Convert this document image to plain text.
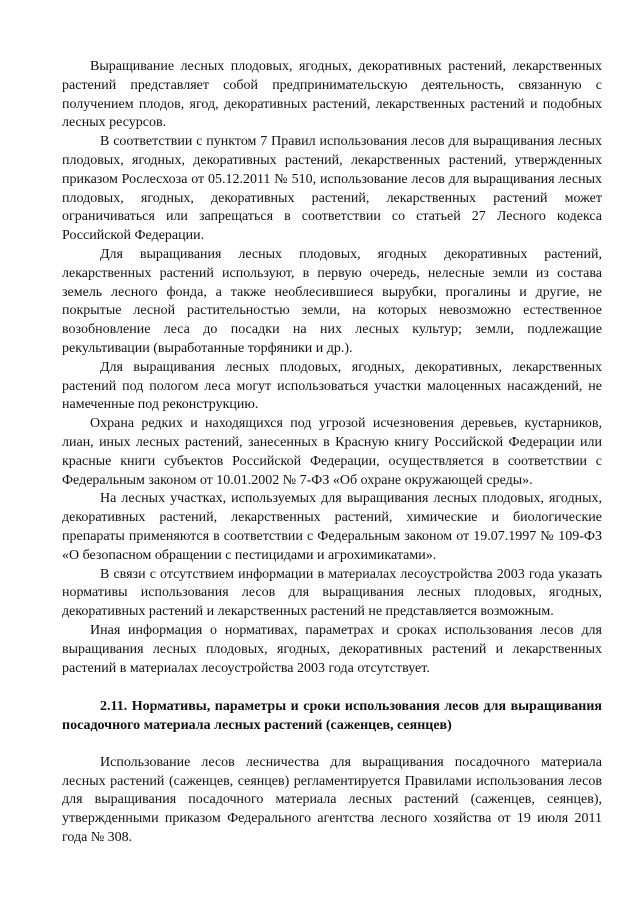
Выращивание лесных плодовых, ягодных, декоративных растений, лекарственных растений представляет собой предпринимательскую деятельность, связанную с получением плодов, ягод, декоративных растений, лекарственных растений и подобных лесных ресурсов.

В соответствии с пунктом 7 Правил использования лесов для выращивания лесных плодовых, ягодных, декоративных растений, лекарственных растений, утвержденных приказом Рослесхоза от 05.12.2011 № 510, использование лесов для выращивания лесных плодовых, ягодных, декоративных растений, лекарственных растений может ограничиваться или запрещаться в соответствии со статьей 27 Лесного кодекса Российской Федерации.

Для выращивания лесных плодовых, ягодных декоративных растений, лекарственных растений используют, в первую очередь, нелесные земли из состава земель лесного фонда, а также необлесившиеся вырубки, прогалины и другие, не покрытые лесной растительностью земли, на которых невозможно естественное возобновление леса до посадки на них лесных культур; земли, подлежащие рекультивации (выработанные торфяники и др.).

Для выращивания лесных плодовых, ягодных, декоративных, лекарственных растений под пологом леса могут использоваться участки малоценных насаждений, не намеченные под реконструкцию.

Охрана редких и находящихся под угрозой исчезновения деревьев, кустарников, лиан, иных лесных растений, занесенных в Красную книгу Российской Федерации или красные книги субъектов Российской Федерации, осуществляется в соответствии с Федеральным законом от 10.01.2002 № 7-ФЗ «Об охране окружающей среды».

На лесных участках, используемых для выращивания лесных плодовых, ягодных, декоративных растений, лекарственных растений, химические и биологические препараты применяются в соответствии с Федеральным законом от 19.07.1997 № 109-ФЗ «О безопасном обращении с пестицидами и агрохимикатами».

В связи с отсутствием информации в материалах лесоустройства 2003 года указать нормативы использования лесов для выращивания лесных плодовых, ягодных, декоративных растений и лекарственных растений не представляется возможным.

Иная информация о нормативах, параметрах и сроках использования лесов для выращивания лесных плодовых, ягодных, декоративных растений и лекарственных растений в материалах лесоустройства 2003 года отсутствует.

2.11. Нормативы, параметры и сроки использования лесов для выращивания посадочного материала лесных растений (саженцев, сеянцев)

Использование лесов лесничества для выращивания посадочного материала лесных растений (саженцев, сеянцев) регламентируется Правилами использования лесов для выращивания посадочного материала лесных растений (саженцев, сеянцев), утвержденными приказом Федерального агентства лесного хозяйства от 19 июля 2011 года № 308.
